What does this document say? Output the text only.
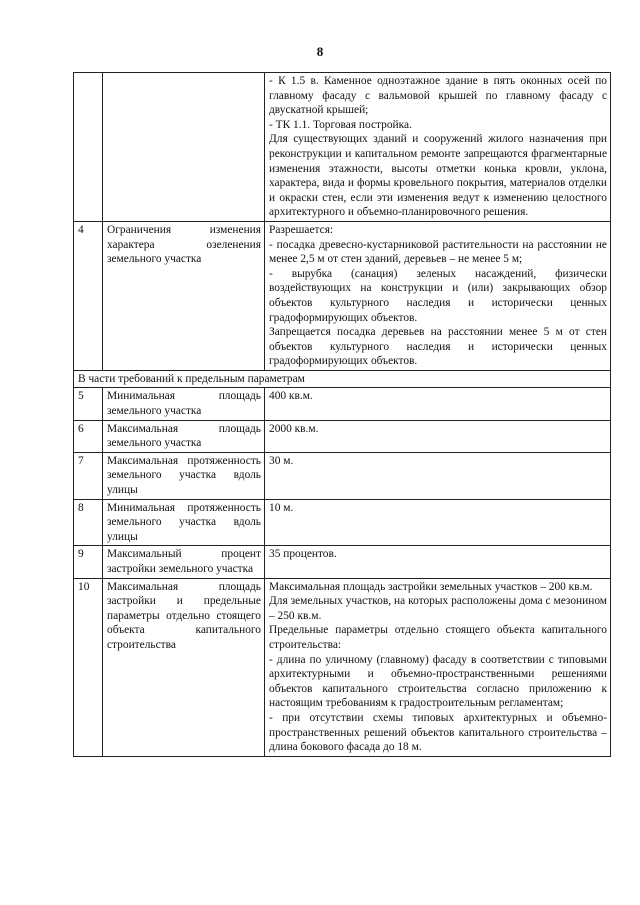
8

		- К 1.5 в. Каменное одноэтажное здание в пять оконных осей по главному фасаду с вальмовой крышей по главному фасаду с двускатной крышей;
- ТК 1.1. Торговая постройка.
Для существующих зданий и сооружений жилого назначения при реконструкции и капитальном ремонте запрещаются фрагментарные изменения этажности, высоты отметки конька кровли, уклона, характера, вида и формы кровельного покрытия, материалов отделки и окраски стен, если эти изменения ведут к изменению целостного архитектурного и объемно-планировочного решения.

4	Ограничения изменения характера озеленения земельного участка	Разрешается:
- посадка древесно-кустарниковой растительности на расстоянии не менее 2,5 м от стен зданий, деревьев – не менее 5 м;
- вырубка (санация) зеленых насаждений, физически воздействующих на конструкции и (или) закрывающих обзор объектов культурного наследия и исторически ценных градоформирующих объектов.
Запрещается посадка деревьев на расстоянии менее 5 м от стен объектов культурного наследия и исторически ценных градоформирующих объектов.

В части требований к предельным параметрам		
5	Минимальная площадь земельного участка	400 кв.м.

6	Максимальная площадь земельного участка	2000 кв.м.

7	Максимальная протяженность земельного участка вдоль улицы	30 м.

8	Минимальная протяженность земельного участка вдоль улицы	10 м.

9	Максимальный процент застройки земельного участка	35 процентов.

10	Максимальная площадь застройки и предельные параметры отдельно стоящего объекта капитального строительства	Максимальная площадь застройки земельных участков – 200 кв.м.
Для земельных участков, на которых расположены дома с мезонином – 250 кв.м.
Предельные параметры отдельно стоящего объекта капитального строительства:
- длина по уличному (главному) фасаду в соответствии с типовыми архитектурными и объемно-пространственными решениями объектов капитального строительства согласно приложению к настоящим требованиям к градостроительным регламентам;
- при отсутствии схемы типовых архитектурных и объемно-пространственных решений объектов капитального строительства – длина бокового фасада до 18 м.
